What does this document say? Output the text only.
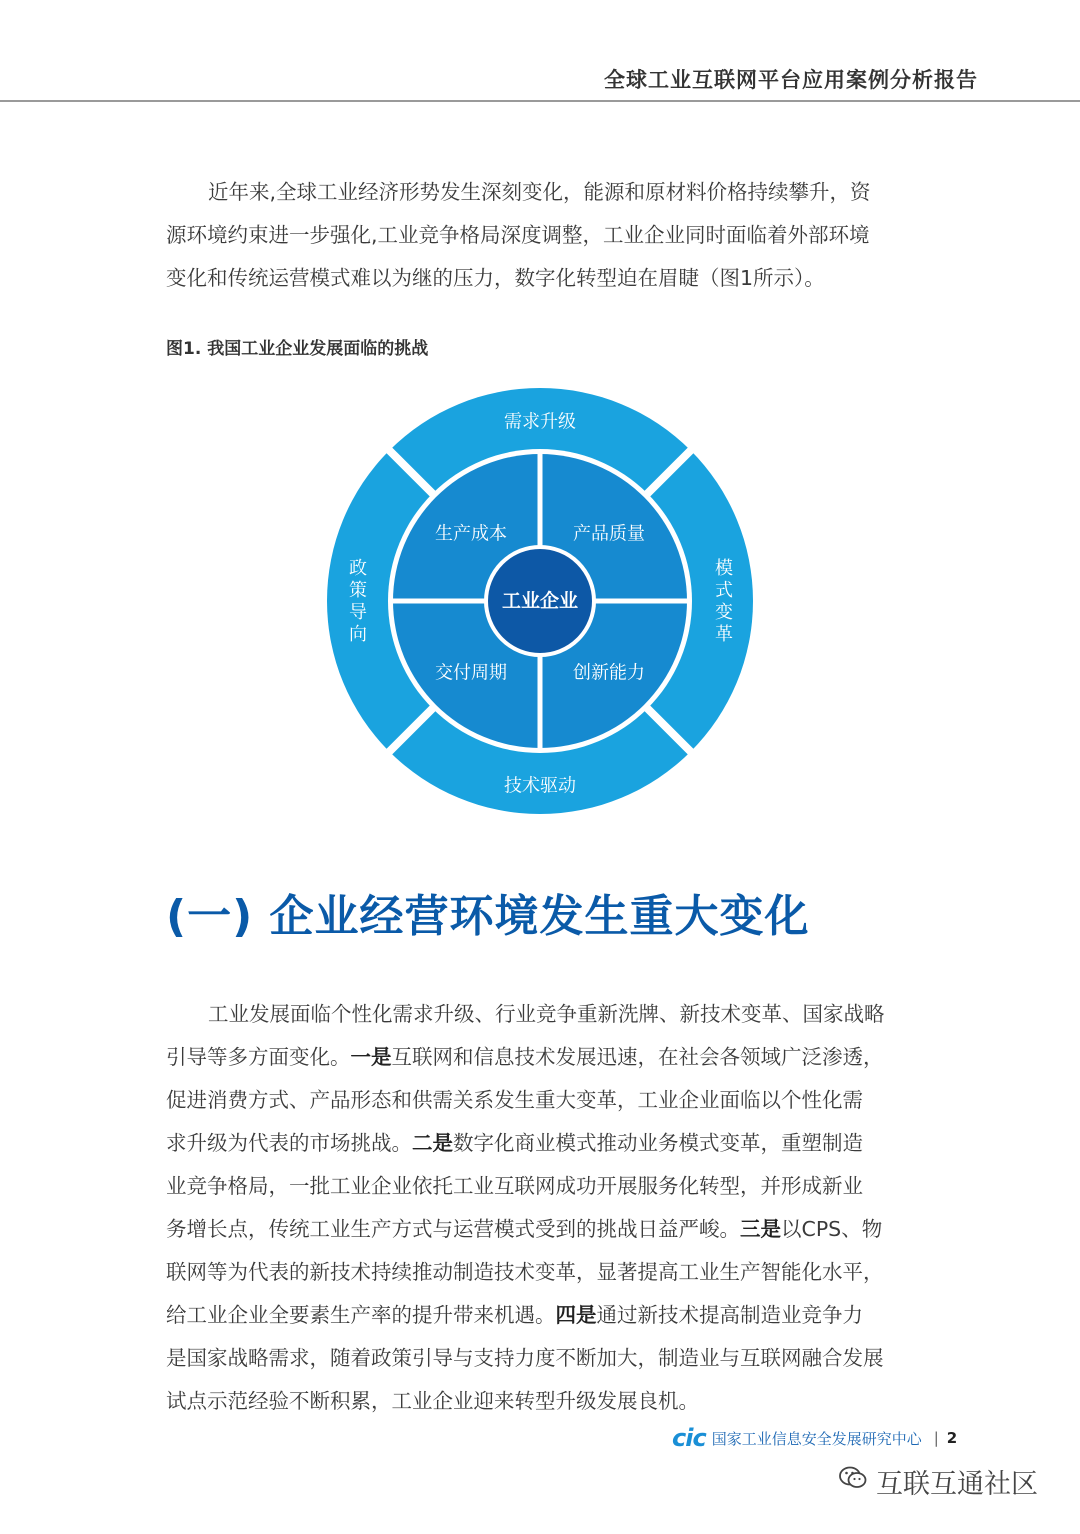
全球工业互联网平台应用案例分析报告

近年来,全球工业经济形势发生深刻变化，能源和原材料价格持续攀升，资
源环境约束进一步强化,工业竞争格局深度调整，工业企业同时面临着外部环境
变化和传统运营模式难以为继的压力，数字化转型迫在眉睫（图1所示）。

图1. 我国工业企业发展面临的挑战
工业企业
生产成本	产品质量
交付周期	创新能力
需求升级
技术驱动
模式变革
政策导向
(一) 企业经营环境发生重大变化

工业发展面临个性化需求升级、行业竞争重新洗牌、新技术变革、国家战略
引导等多方面变化。一是互联网和信息技术发展迅速，在社会各领域广泛渗透，
促进消费方式、产品形态和供需关系发生重大变革，工业企业面临以个性化需
求升级为代表的市场挑战。二是数字化商业模式推动业务模式变革，重塑制造
业竞争格局，一批工业企业依托工业互联网成功开展服务化转型，并形成新业
务增长点，传统工业生产方式与运营模式受到的挑战日益严峻。三是以CPS、物
联网等为代表的新技术持续推动制造技术变革，显著提高工业生产智能化水平，
给工业企业全要素生产率的提升带来机遇。四是通过新技术提高制造业竞争力
是国家战略需求，随着政策引导与支持力度不断加大，制造业与互联网融合发展
试点示范经验不断积累，工业企业迎来转型升级发展良机。

cic 国家工业信息安全发展研究中心 | 2
互联互通社区
